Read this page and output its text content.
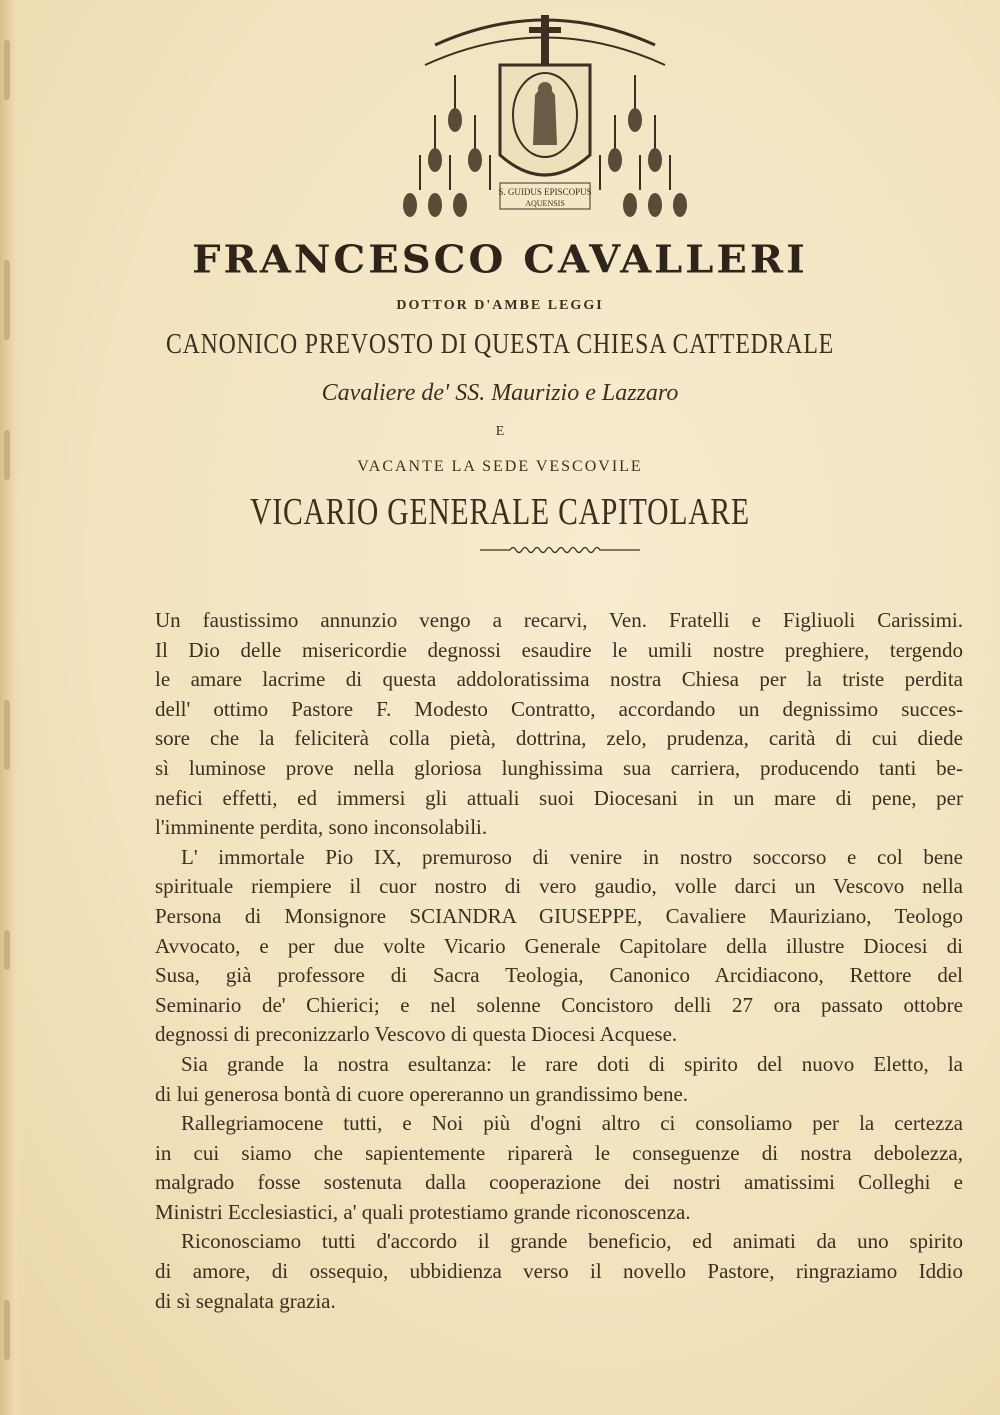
S. GUIDUS EPISCOPUS
AQUENSIS
FRANCESCO CAVALLERI
DOTTOR D'AMBE LEGGI
CANONICO PREVOSTO DI QUESTA CHIESA CATTEDRALE
Cavaliere de' SS. Maurizio e Lazzaro
E
VACANTE LA SEDE VESCOVILE
VICARIO GENERALE CAPITOLARE
Un faustissimo annunzio vengo a recarvi, Ven. Fratelli e Figliuoli Carissimi.
Il Dio delle misericordie degnossi esaudire le umili nostre preghiere, tergendo
le amare lacrime di questa addoloratissima nostra Chiesa per la triste perdita
dell' ottimo Pastore F. Modesto Contratto, accordando un degnissimo succes-
sore che la feliciterà colla pietà, dottrina, zelo, prudenza, carità di cui diede
sì luminose prove nella gloriosa lunghissima sua carriera, producendo tanti be-
nefici effetti, ed immersi gli attuali suoi Diocesani in un mare di pene, per
l'imminente perdita, sono inconsolabili.
L' immortale Pio IX, premuroso di venire in nostro soccorso e col bene
spirituale riempiere il cuor nostro di vero gaudio, volle darci un Vescovo nella
Persona di Monsignore SCIANDRA GIUSEPPE, Cavaliere Mauriziano, Teologo
Avvocato, e per due volte Vicario Generale Capitolare della illustre Diocesi di
Susa, già professore di Sacra Teologia, Canonico Arcidiacono, Rettore del
Seminario de' Chierici; e nel solenne Concistoro delli 27 ora passato ottobre
degnossi di preconizzarlo Vescovo di questa Diocesi Acquese.
Sia grande la nostra esultanza: le rare doti di spirito del nuovo Eletto, la
di lui generosa bontà di cuore opereranno un grandissimo bene.
Rallegriamocene tutti, e Noi più d'ogni altro ci consoliamo per la certezza
in cui siamo che sapientemente riparerà le conseguenze di nostra debolezza,
malgrado fosse sostenuta dalla cooperazione dei nostri amatissimi Colleghi e
Ministri Ecclesiastici, a' quali protestiamo grande riconoscenza.
Riconosciamo tutti d'accordo il grande beneficio, ed animati da uno spirito
di amore, di ossequio, ubbidienza verso il novello Pastore, ringraziamo Iddio
di sì segnalata grazia.
